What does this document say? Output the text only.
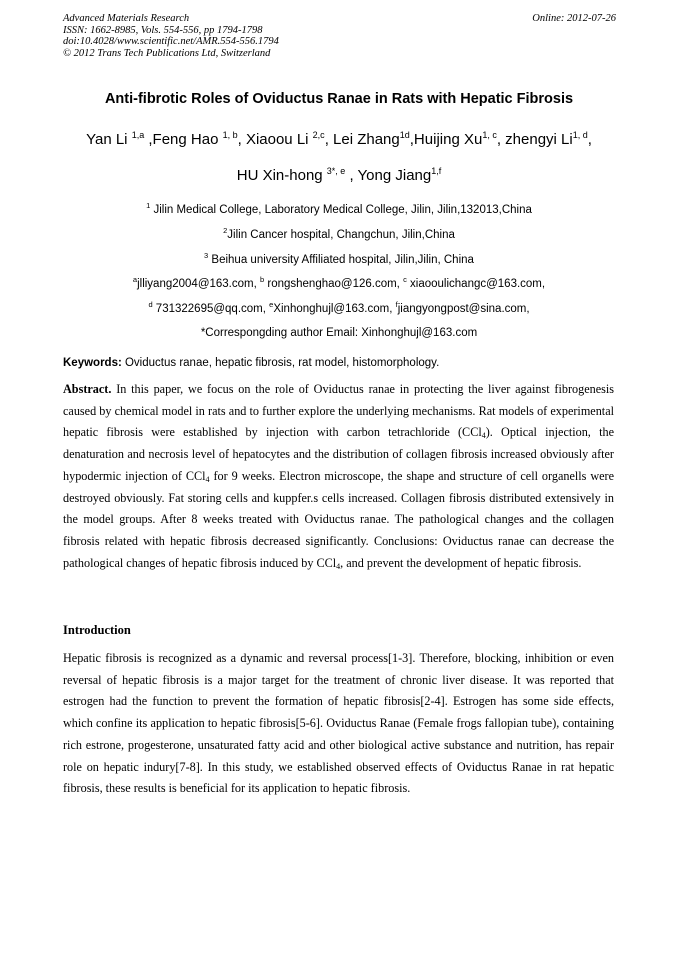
Advanced Materials Research
ISSN: 1662-8985, Vols. 554-556, pp 1794-1798
doi:10.4028/www.scientific.net/AMR.554-556.1794
© 2012 Trans Tech Publications Ltd, Switzerland
Online: 2012-07-26
Anti-fibrotic Roles of Oviductus Ranae in Rats with Hepatic Fibrosis
Yan Li $^{1,a}$ ,Feng Hao $^{1, b}$, Xiaoou Li $^{2,c}$, Lei Zhang$^{1d}$,Huijing Xu$^{1, c}$, zhengyi Li$^{1, d}$,
HU Xin-hong $^{3*, e}$ , Yong Jiang$^{1,f}$
$^1$ Jilin Medical College, Laboratory Medical College, Jilin, Jilin,132013,China
$^2$Jilin Cancer hospital, Changchun, Jilin,China
$^3$ Beihua university Affiliated hospital, Jilin,Jilin, China
$^a$jlliyang2004@163.com, $^b$ rongshenghao@126.com, $^c$ xiaooulichangc@163.com,
$^d$ 731322695@qq.com, $^e$Xinhonghujl@163.com, $^f$jiangyongpost@sina.com,
*Correspongding author Email: Xinhonghujl@163.com
Keywords: Oviductus ranae, hepatic fibrosis, rat model, histomorphology.
Abstract. In this paper, we focus on the role of Oviductus ranae in protecting the liver against fibrogenesis caused by chemical model in rats and to further explore the underlying mechanisms. Rat models of experimental hepatic fibrosis were established by injection with carbon tetrachloride (CCl$_4$). Optical injection, the denaturation and necrosis level of hepatocytes and the distribution of collagen fibrosis increased obviously after hypodermic injection of CCl$_4$ for 9 weeks. Electron microscope, the shape and structure of cell organells were destroyed obviously. Fat storing cells and kuppfer.s cells increased. Collagen fibrosis distributed extensively in the model groups. After 8 weeks treated with Oviductus ranae. The pathological changes and the collagen fibrosis related with hepatic fibrosis decreased significantly. Conclusions: Oviductus ranae can decrease the pathological changes of hepatic fibrosis induced by CCl$_4$, and prevent the development of hepatic fibrosis.
Introduction
Hepatic fibrosis is recognized as a dynamic and reversal process[1-3]. Therefore, blocking, inhibition or even reversal of hepatic fibrosis is a major target for the treatment of chronic liver disease. It was reported that estrogen had the function to prevent the formation of hepatic fibrosis[2-4]. Estrogen has some side effects, which confine its application to hepatic fibrosis[5-6]. Oviductus Ranae (Female frogs fallopian tube), containing rich estrone, progesterone, unsaturated fatty acid and other biological active substance and nutrition, has repair role on hepatic indury[7-8]. In this study, we established observed effects of Oviductus Ranae in rat hepatic fibrosis, these results is beneficial for its application to hepatic fibrosis.
